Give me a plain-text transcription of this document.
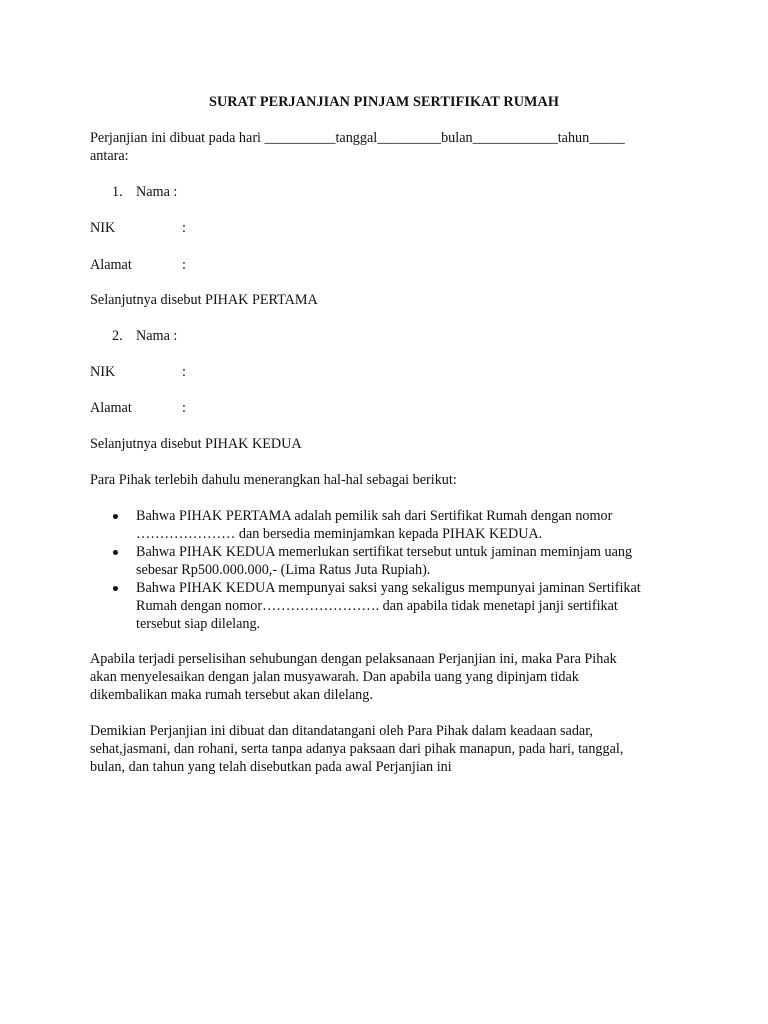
SURAT PERJANJIAN PINJAM SERTIFIKAT RUMAH
Perjanjian ini dibuat pada hari __________tanggal_________bulan____________tahun_____
antara:
1. Nama :
NIK	:
Alamat	:
Selanjutnya disebut PIHAK PERTAMA
2. Nama :
NIK	:
Alamat	:
Selanjutnya disebut PIHAK KEDUA
Para Pihak terlebih dahulu menerangkan hal-hal sebagai berikut:
Bahwa PIHAK PERTAMA adalah pemilik sah dari Sertifikat Rumah dengan nomor
………………… dan bersedia meminjamkan kepada PIHAK KEDUA.
Bahwa PIHAK KEDUA memerlukan sertifikat tersebut untuk jaminan meminjam uang
sebesar Rp500.000.000,- (Lima Ratus Juta Rupiah).
Bahwa PIHAK KEDUA mempunyai saksi yang sekaligus mempunyai jaminan Sertifikat
Rumah dengan nomor……………………. dan apabila tidak menetapi janji sertifikat
tersebut siap dilelang.
Apabila terjadi perselisihan sehubungan dengan pelaksanaan Perjanjian ini, maka Para Pihak
akan menyelesaikan dengan jalan musyawarah. Dan apabila uang yang dipinjam tidak
dikembalikan maka rumah tersebut akan dilelang.
Demikian Perjanjian ini dibuat dan ditandatangani oleh Para Pihak dalam keadaan sadar,
sehat,jasmani, dan rohani, serta tanpa adanya paksaan dari pihak manapun, pada hari, tanggal,
bulan, dan tahun yang telah disebutkan pada awal Perjanjian ini
